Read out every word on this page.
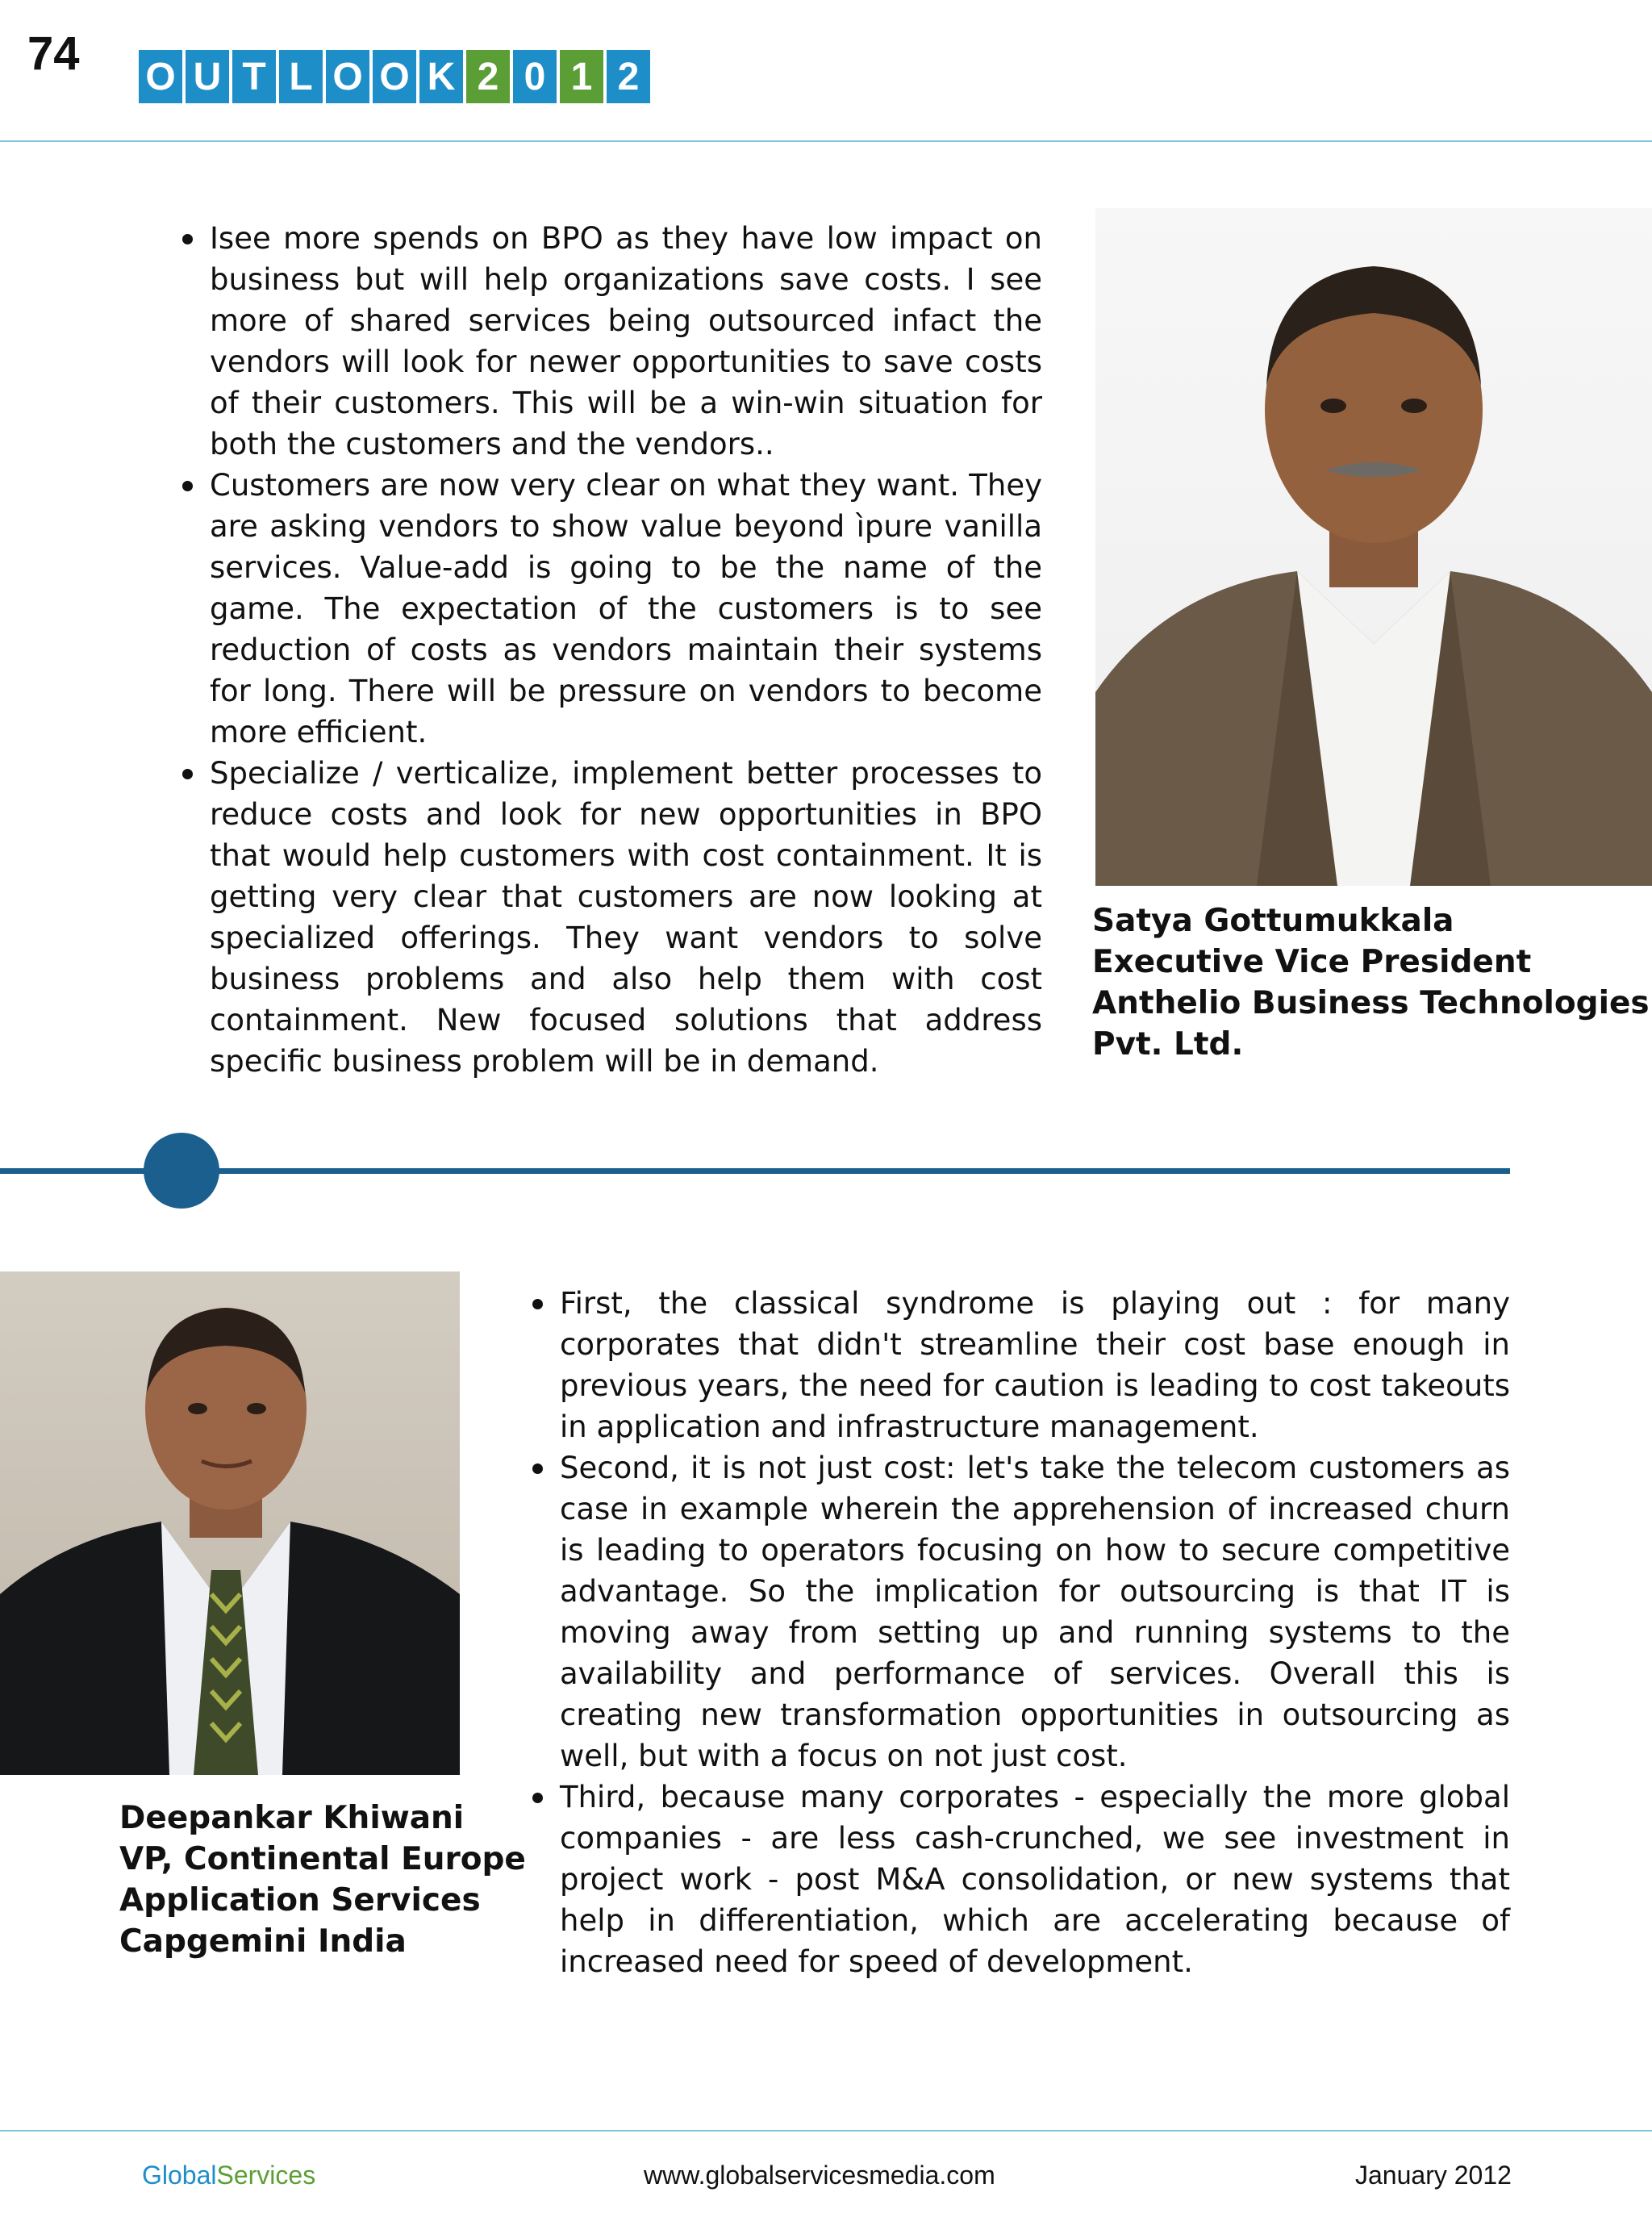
74 O U T L O O K 2 0 1 2
Isee more spends on BPO as they have low impact on business but will help organizations save costs. I see more of shared services being outsourced infact the vendors will look for newer opportunities to save costs of their customers. This will be a win-win situation for both the customers and the vendors..
Customers are now very clear on what they want. They are asking vendors to show value beyond ìpure vanilla services. Value-add is going to be the name of the game. The expectation of the customers is to see reduction of costs as vendors maintain their systems for long. There will be pressure on vendors to become more efficient.
Specialize / verticalize, implement better processes to reduce costs and look for new opportunities in BPO that would help customers with cost containment. It is getting very clear that customers are now looking at specialized offerings. They want vendors to solve business problems and also help them with cost containment. New focused solutions that address specific business problem will be in demand.
Satya Gottumukkala
Executive Vice President
Anthelio Business Technologies
Pvt. Ltd.
Deepankar Khiwani
VP, Continental Europe
Application Services
Capgemini India
First, the classical syndrome is playing out : for many corporates that didn't streamline their cost base enough in previous years, the need for caution is leading to cost takeouts in application and infrastructure management.
Second, it is not just cost: let's take the telecom customers as case in example wherein the apprehension of increased churn is leading to operators focusing on how to secure competitive advantage. So the implication for outsourcing is that IT is moving away from setting up and running systems to the availability and performance of services. Overall this is creating new transformation opportunities in outsourcing as well, but with a focus on not just cost.
Third, because many corporates - especially the more global companies - are less cash-crunched, we see investment in project work - post M&A consolidation, or new systems that help in differentiation, which are accelerating because of increased need for speed of development.
GlobalServices	www.globalservicesmedia.com	January 2012
